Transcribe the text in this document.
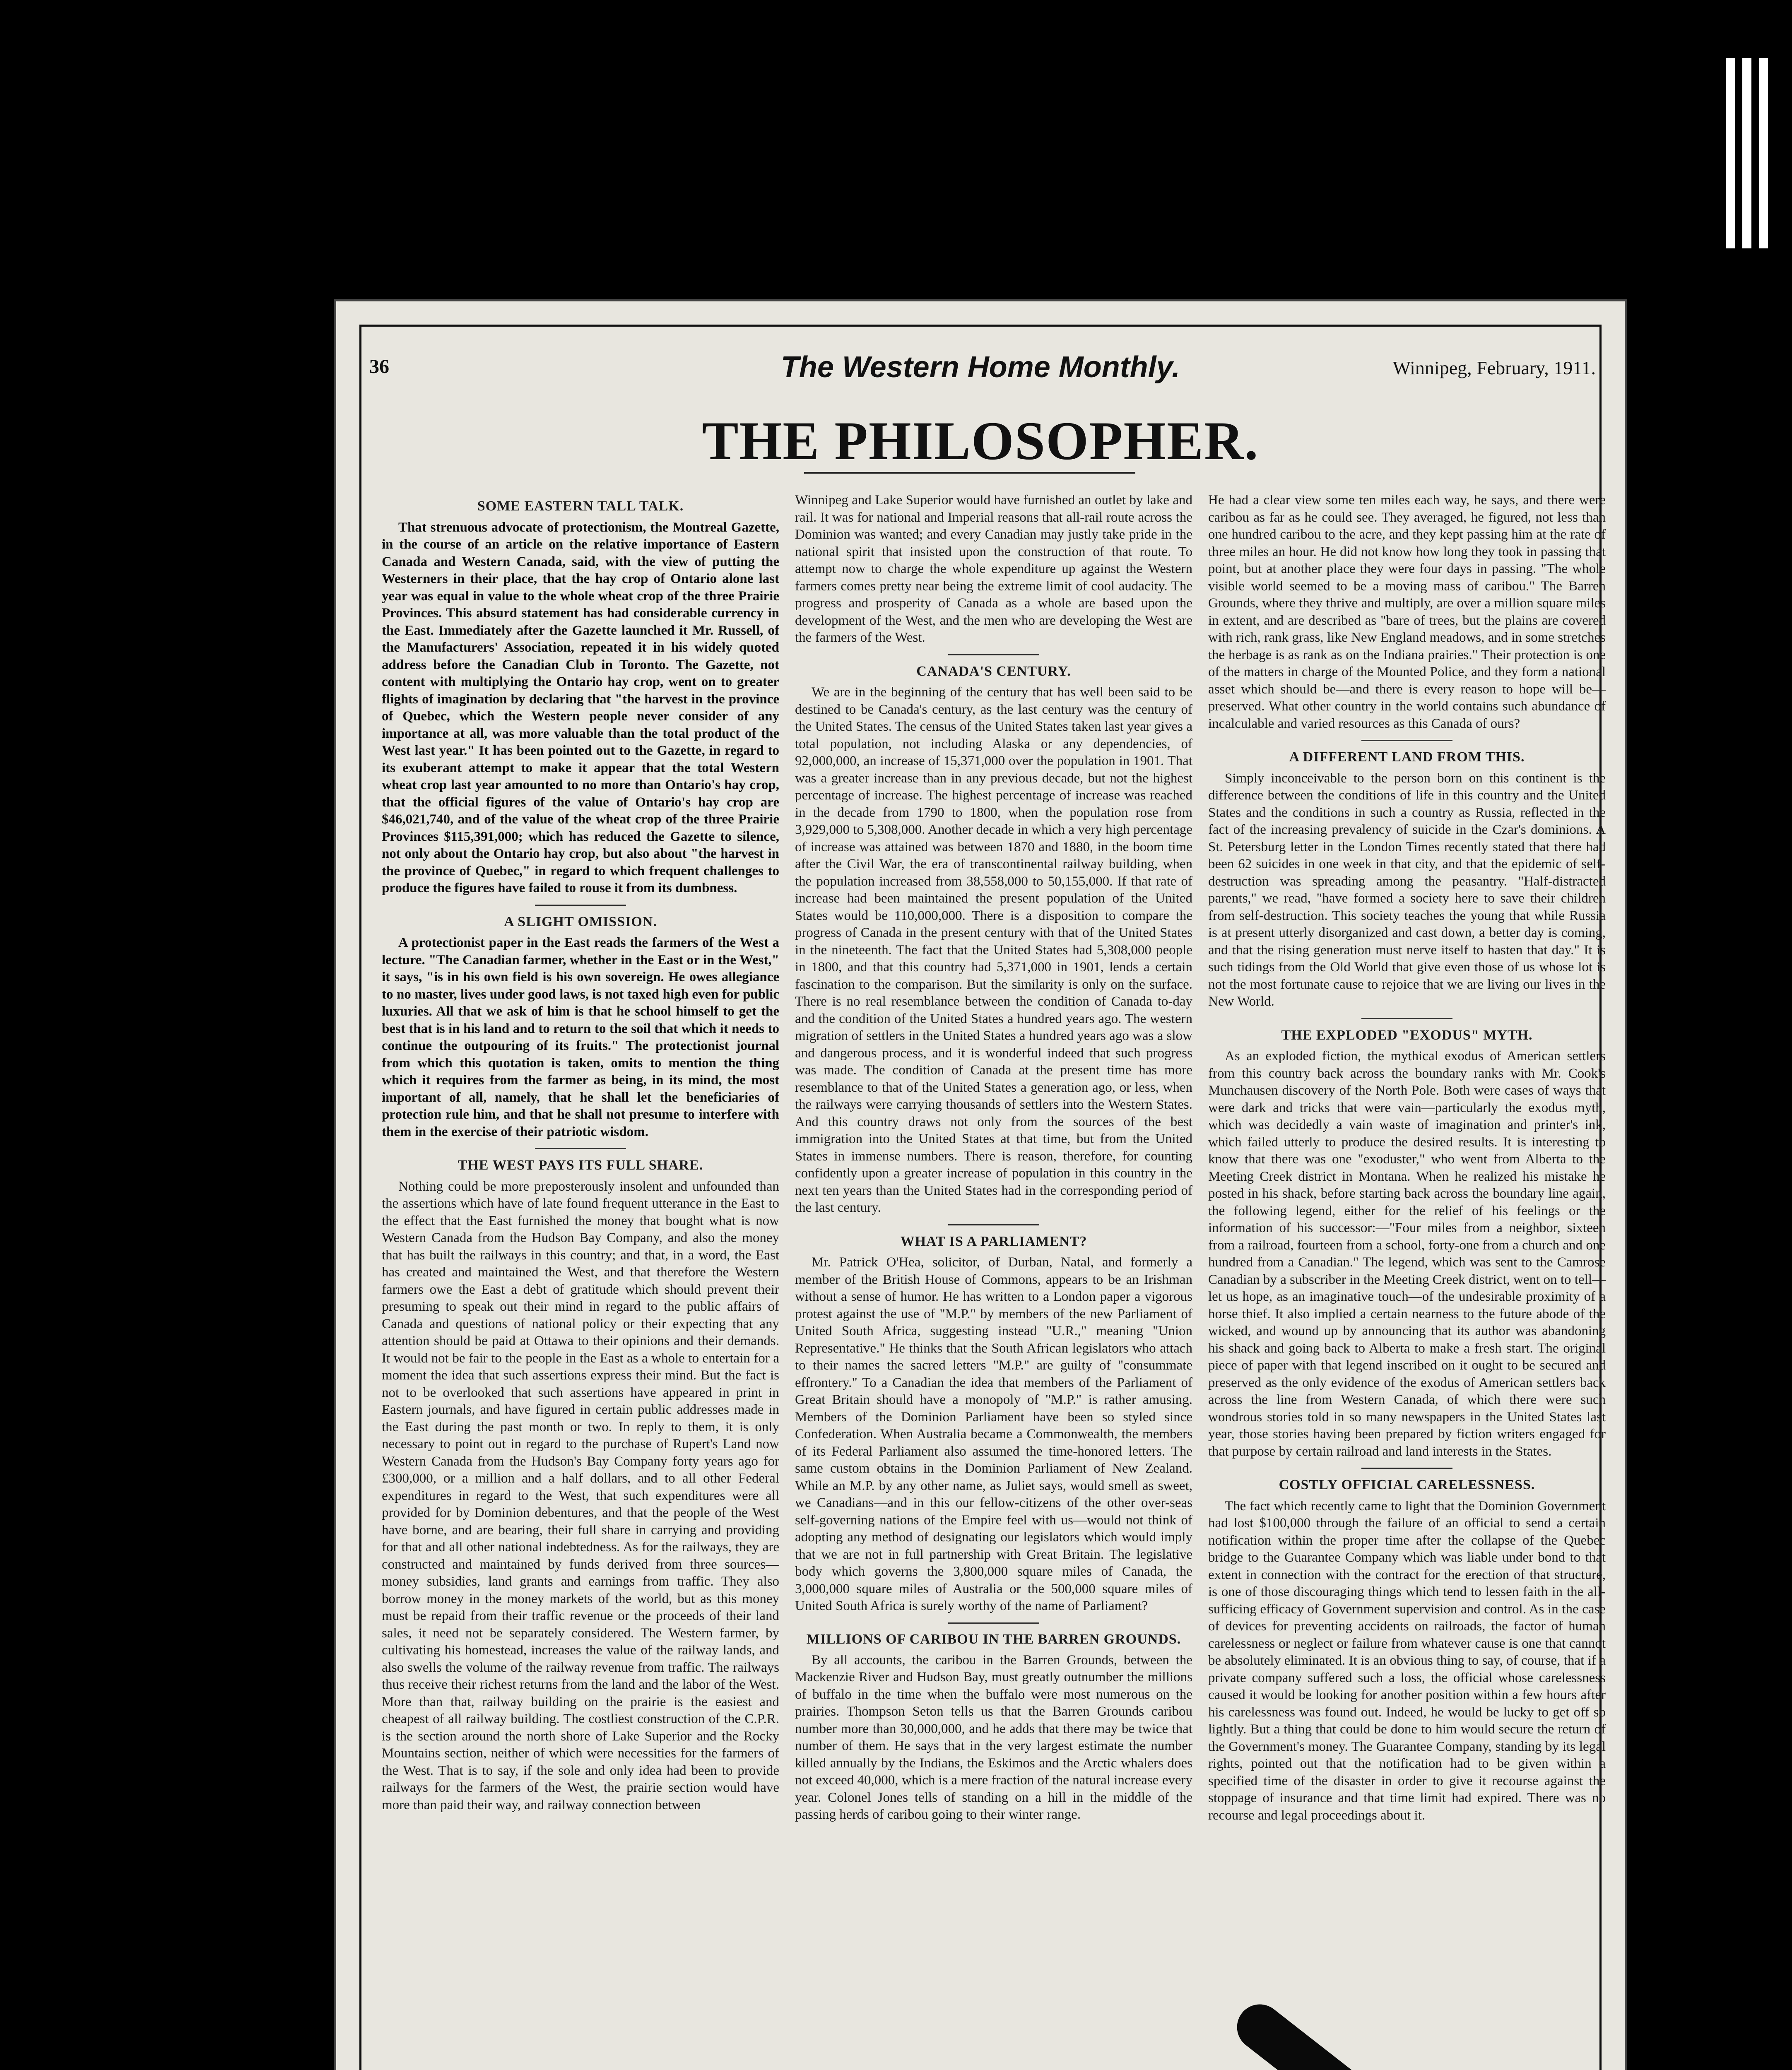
36	The Western Home Monthly.	Winnipeg, February, 1911.
THE PHILOSOPHER.
SOME EASTERN TALL TALK.

That strenuous advocate of protectionism, the Montreal Gazette, in the course of an article on the relative importance of Eastern Canada and Western Canada, said, with the view of putting the Westerners in their place, that the hay crop of Ontario alone last year was equal in value to the whole wheat crop of the three Prairie Provinces. This absurd statement has had considerable currency in the East. Immediately after the Gazette launched it Mr. Russell, of the Manufacturers' Association, repeated it in his widely quoted address before the Canadian Club in Toronto. The Gazette, not content with multiplying the Ontario hay crop, went on to greater flights of imagination by declaring that "the harvest in the province of Quebec, which the Western people never consider of any importance at all, was more valuable than the total product of the West last year." It has been pointed out to the Gazette, in regard to its exuberant attempt to make it appear that the total Western wheat crop last year amounted to no more than Ontario's hay crop, that the official figures of the value of Ontario's hay crop are $46,021,740, and of the value of the wheat crop of the three Prairie Provinces $115,391,000; which has reduced the Gazette to silence, not only about the Ontario hay crop, but also about "the harvest in the province of Quebec," in regard to which frequent challenges to produce the figures have failed to rouse it from its dumbness.

A SLIGHT OMISSION.

A protectionist paper in the East reads the farmers of the West a lecture. "The Canadian farmer, whether in the East or in the West," it says, "is in his own field is his own sovereign. He owes allegiance to no master, lives under good laws, is not taxed high even for public luxuries. All that we ask of him is that he school himself to get the best that is in his land and to return to the soil that which it needs to continue the outpouring of its fruits." The protectionist journal from which this quotation is taken, omits to mention the thing which it requires from the farmer as being, in its mind, the most important of all, namely, that he shall let the beneficiaries of protection rule him, and that he shall not presume to interfere with them in the exercise of their patriotic wisdom.

THE WEST PAYS ITS FULL SHARE.

Nothing could be more preposterously insolent and unfounded than the assertions which have of late found frequent utterance in the East to the effect that the East furnished the money that bought what is now Western Canada from the Hudson Bay Company, and also the money that has built the railways in this country; and that, in a word, the East has created and maintained the West, and that therefore the Western farmers owe the East a debt of gratitude which should prevent their presuming to speak out their mind in regard to the public affairs of Canada and questions of national policy or their expecting that any attention should be paid at Ottawa to their opinions and their demands. It would not be fair to the people in the East as a whole to entertain for a moment the idea that such assertions express their mind. But the fact is not to be overlooked that such assertions have appeared in print in Eastern journals, and have figured in certain public addresses made in the East during the past month or two. In reply to them, it is only necessary to point out in regard to the purchase of Rupert's Land now Western Canada from the Hudson's Bay Company forty years ago for £300,000, or a million and a half dollars, and to all other Federal expenditures in regard to the West, that such expenditures were all provided for by Dominion debentures, and that the people of the West have borne, and are bearing, their full share in carrying and providing for that and all other national indebtedness. As for the railways, they are constructed and maintained by funds derived from three sources—money subsidies, land grants and earnings from traffic. They also borrow money in the money markets of the world, but as this money must be repaid from their traffic revenue or the proceeds of their land sales, it need not be separately considered. The Western farmer, by cultivating his homestead, increases the value of the railway lands, and also swells the volume of the railway revenue from traffic. The railways thus receive their richest returns from the land and the labor of the West. More than that, railway building on the prairie is the easiest and cheapest of all railway building. The costliest construction of the C.P.R. is the section around the north shore of Lake Superior and the Rocky Mountains section, neither of which were necessities for the farmers of the West. That is to say, if the sole and only idea had been to provide railways for the farmers of the West, the prairie section would have more than paid their way, and railway connection between

Winnipeg and Lake Superior would have furnished an outlet by lake and rail. It was for national and Imperial reasons that all-rail route across the Dominion was wanted; and every Canadian may justly take pride in the national spirit that insisted upon the construction of that route. To attempt now to charge the whole expenditure up against the Western farmers comes pretty near being the extreme limit of cool audacity. The progress and prosperity of Canada as a whole are based upon the development of the West, and the men who are developing the West are the farmers of the West.

CANADA'S CENTURY.

We are in the beginning of the century that has well been said to be destined to be Canada's century, as the last century was the century of the United States. The census of the United States taken last year gives a total population, not including Alaska or any dependencies, of 92,000,000, an increase of 15,371,000 over the population in 1901. That was a greater increase than in any previous decade, but not the highest percentage of increase. The highest percentage of increase was reached in the decade from 1790 to 1800, when the population rose from 3,929,000 to 5,308,000. Another decade in which a very high percentage of increase was attained was between 1870 and 1880, in the boom time after the Civil War, the era of transcontinental railway building, when the population increased from 38,558,000 to 50,155,000. If that rate of increase had been maintained the present population of the United States would be 110,000,000. There is a disposition to compare the progress of Canada in the present century with that of the United States in the nineteenth. The fact that the United States had 5,308,000 people in 1800, and that this country had 5,371,000 in 1901, lends a certain fascination to the comparison. But the similarity is only on the surface. There is no real resemblance between the condition of Canada to-day and the condition of the United States a hundred years ago. The western migration of settlers in the United States a hundred years ago was a slow and dangerous process, and it is wonderful indeed that such progress was made. The condition of Canada at the present time has more resemblance to that of the United States a generation ago, or less, when the railways were carrying thousands of settlers into the Western States. And this country draws not only from the sources of the best immigration into the United States at that time, but from the United States in immense numbers. There is reason, therefore, for counting confidently upon a greater increase of population in this country in the next ten years than the United States had in the corresponding period of the last century.

WHAT IS A PARLIAMENT?

Mr. Patrick O'Hea, solicitor, of Durban, Natal, and formerly a member of the British House of Commons, appears to be an Irishman without a sense of humor. He has written to a London paper a vigorous protest against the use of "M.P." by members of the new Parliament of United South Africa, suggesting instead "U.R.," meaning "Union Representative." He thinks that the South African legislators who attach to their names the sacred letters "M.P." are guilty of "consummate effrontery." To a Canadian the idea that members of the Parliament of Great Britain should have a monopoly of "M.P." is rather amusing. Members of the Dominion Parliament have been so styled since Confederation. When Australia became a Commonwealth, the members of its Federal Parliament also assumed the time-honored letters. The same custom obtains in the Dominion Parliament of New Zealand. While an M.P. by any other name, as Juliet says, would smell as sweet, we Canadians—and in this our fellow-citizens of the other over-seas self-governing nations of the Empire feel with us—would not think of adopting any method of designating our legislators which would imply that we are not in full partnership with Great Britain. The legislative body which governs the 3,800,000 square miles of Canada, the 3,000,000 square miles of Australia or the 500,000 square miles of United South Africa is surely worthy of the name of Parliament?

MILLIONS OF CARIBOU IN THE BARREN GROUNDS.

By all accounts, the caribou in the Barren Grounds, between the Mackenzie River and Hudson Bay, must greatly outnumber the millions of buffalo in the time when the buffalo were most numerous on the prairies. Thompson Seton tells us that the Barren Grounds caribou number more than 30,000,000, and he adds that there may be twice that number of them. He says that in the very largest estimate the number killed annually by the Indians, the Eskimos and the Arctic whalers does not exceed 40,000, which is a mere fraction of the natural increase every year. Colonel Jones tells of standing on a hill in the middle of the passing herds of caribou going to their winter range.

He had a clear view some ten miles each way, he says, and there were caribou as far as he could see. They averaged, he figured, not less than one hundred caribou to the acre, and they kept passing him at the rate of three miles an hour. He did not know how long they took in passing that point, but at another place they were four days in passing. "The whole visible world seemed to be a moving mass of caribou." The Barren Grounds, where they thrive and multiply, are over a million square miles in extent, and are described as "bare of trees, but the plains are covered with rich, rank grass, like New England meadows, and in some stretches the herbage is as rank as on the Indiana prairies." Their protection is one of the matters in charge of the Mounted Police, and they form a national asset which should be—and there is every reason to hope will be—preserved. What other country in the world contains such abundance of incalculable and varied resources as this Canada of ours?

A DIFFERENT LAND FROM THIS.

Simply inconceivable to the person born on this continent is the difference between the conditions of life in this country and the United States and the conditions in such a country as Russia, reflected in the fact of the increasing prevalency of suicide in the Czar's dominions. A St. Petersburg letter in the London Times recently stated that there had been 62 suicides in one week in that city, and that the epidemic of self-destruction was spreading among the peasantry. "Half-distracted parents," we read, "have formed a society here to save their children from self-destruction. This society teaches the young that while Russia is at present utterly disorganized and cast down, a better day is coming, and that the rising generation must nerve itself to hasten that day." It is such tidings from the Old World that give even those of us whose lot is not the most fortunate cause to rejoice that we are living our lives in the New World.

THE EXPLODED "EXODUS" MYTH.

As an exploded fiction, the mythical exodus of American settlers from this country back across the boundary ranks with Mr. Cook's Munchausen discovery of the North Pole. Both were cases of ways that were dark and tricks that were vain—particularly the exodus myth, which was decidedly a vain waste of imagination and printer's ink, which failed utterly to produce the desired results. It is interesting to know that there was one "exoduster," who went from Alberta to the Meeting Creek district in Montana. When he realized his mistake he posted in his shack, before starting back across the boundary line again, the following legend, either for the relief of his feelings or the information of his successor:—"Four miles from a neighbor, sixteen from a railroad, fourteen from a school, forty-one from a church and one hundred from a Canadian." The legend, which was sent to the Camrose Canadian by a subscriber in the Meeting Creek district, went on to tell—let us hope, as an imaginative touch—of the undesirable proximity of a horse thief. It also implied a certain nearness to the future abode of the wicked, and wound up by announcing that its author was abandoning his shack and going back to Alberta to make a fresh start. The original piece of paper with that legend inscribed on it ought to be secured and preserved as the only evidence of the exodus of American settlers back across the line from Western Canada, of which there were such wondrous stories told in so many newspapers in the United States last year, those stories having been prepared by fiction writers engaged for that purpose by certain railroad and land interests in the States.

COSTLY OFFICIAL CARELESSNESS.

The fact which recently came to light that the Dominion Government had lost $100,000 through the failure of an official to send a certain notification within the proper time after the collapse of the Quebec bridge to the Guarantee Company which was liable under bond to that extent in connection with the contract for the erection of that structure, is one of those discouraging things which tend to lessen faith in the all-sufficing efficacy of Government supervision and control. As in the case of devices for preventing accidents on railroads, the factor of human carelessness or neglect or failure from whatever cause is one that cannot be absolutely eliminated. It is an obvious thing to say, of course, that if a private company suffered such a loss, the official whose carelessness caused it would be looking for another position within a few hours after his carelessness was found out. Indeed, he would be lucky to get off so lightly. But a thing that could be done to him would secure the return of the Government's money. The Guarantee Company, standing by its legal rights, pointed out that the notification had to be given within a specified time of the disaster in order to give it recourse against the stoppage of insurance and that time limit had expired. There was no recourse and legal proceedings about it.
